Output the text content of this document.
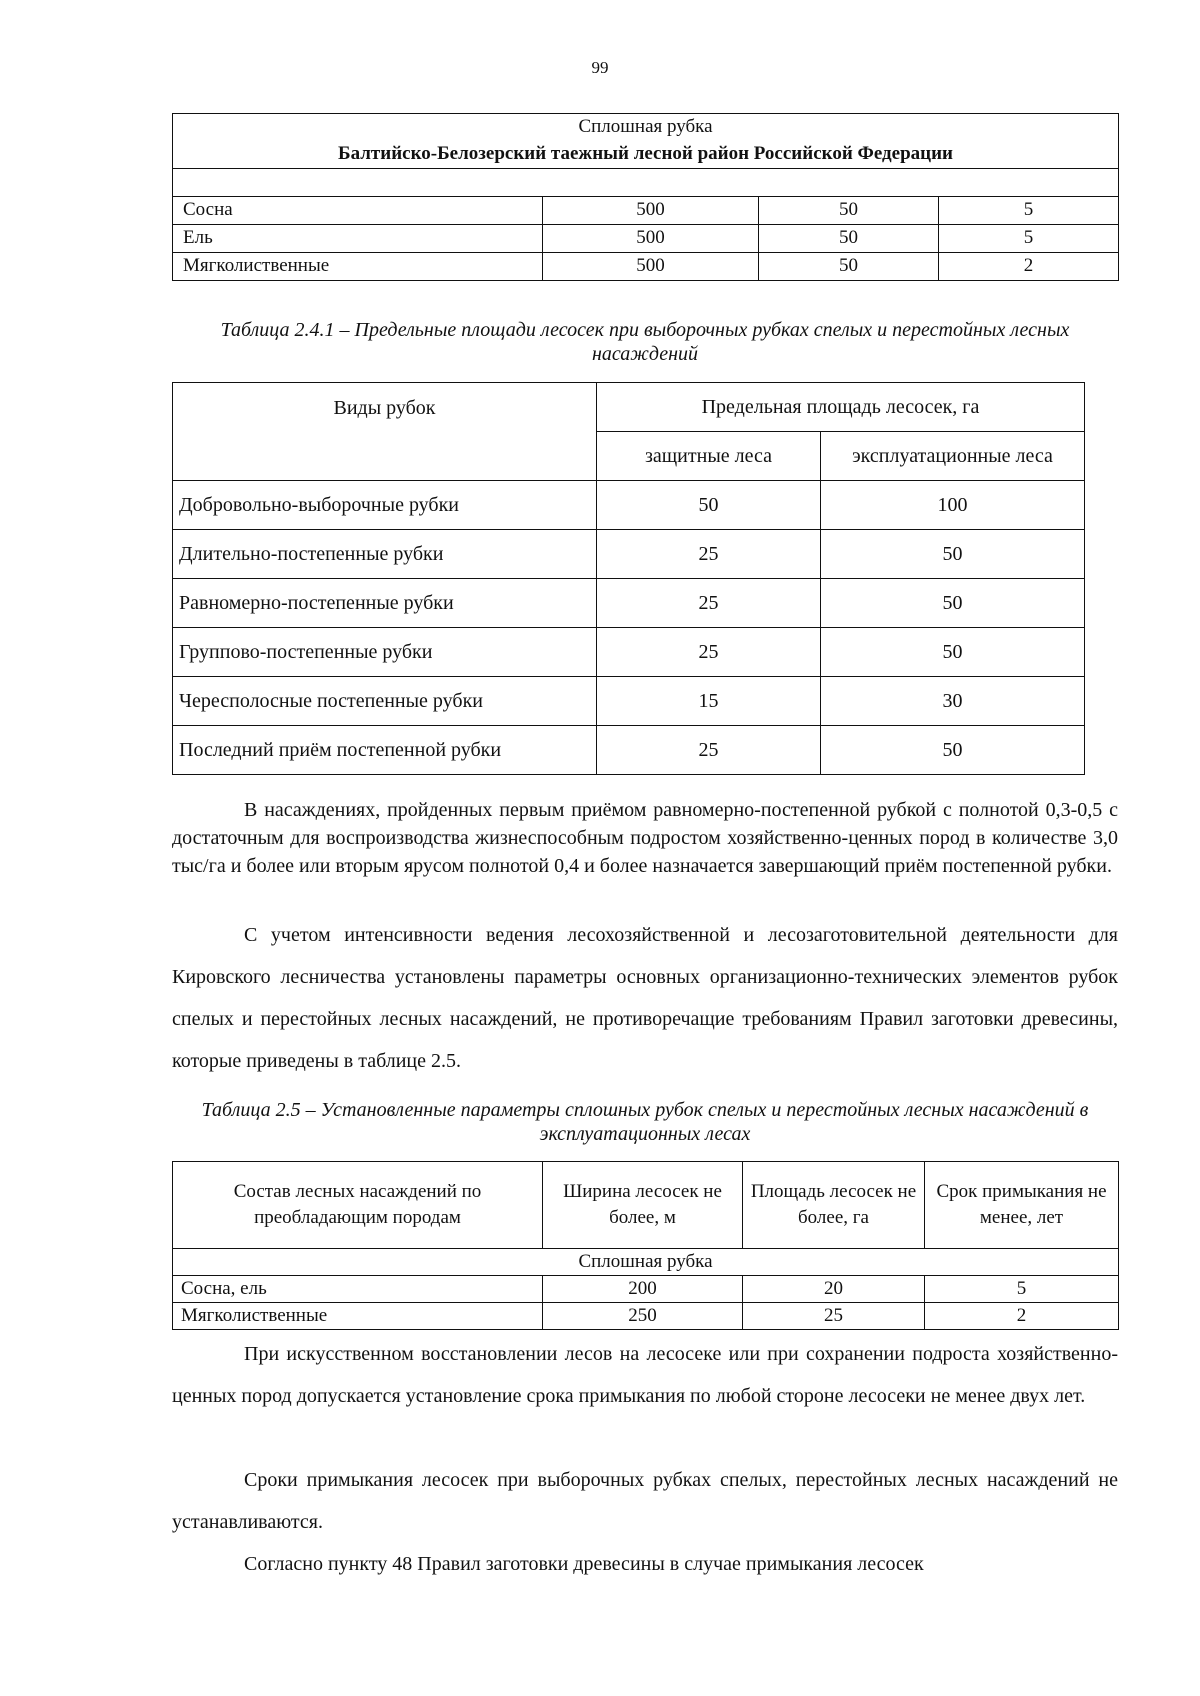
99
Сплошная рубка			
Балтийско-Белозерский таежный лесной район Российской Федерации			

Сосна	500	50	5
Ель	500	50	5
Мягколиственные	500	50	2
Таблица 2.4.1 – Предельные площади лесосек при выборочных рубках спелых и перестойных лесных насаждений
Виды рубок	Предельная площадь лесосек, га	
	защитные леса	эксплуатационные леса
Добровольно-выборочные рубки	50	100
Длительно-постепенные рубки	25	50
Равномерно-постепенные рубки	25	50
Группово-постепенные рубки	25	50
Чересполосные постепенные рубки	15	30
Последний приём постепенной рубки	25	50

В насаждениях, пройденных первым приёмом равномерно-постепенной рубкой с полнотой 0,3-0,5 с достаточным для воспроизводства жизнеспособным подростом хозяйственно-ценных пород в количестве 3,0 тыс/га и более или вторым ярусом полнотой 0,4 и более назначается завершающий приём постепенной рубки.

С учетом интенсивности ведения лесохозяйственной и лесозаготовительной деятельности для Кировского лесничества установлены параметры основных организационно-технических элементов рубок спелых и перестойных лесных насаждений, не противоречащие требованиям Правил заготовки древесины, которые приведены в таблице 2.5.

Таблица 2.5 – Установленные параметры сплошных рубок спелых и перестойных лесных насаждений в эксплуатационных лесах
Состав лесных насаждений по преобладающим породам	Ширина лесосек не более, м	Площадь лесосек не более, га	Срок примыкания не менее, лет
Сплошная рубка			
Сосна, ель	200	20	5
Мягколиственные	250	25	2

При искусственном восстановлении лесов на лесосеке или при сохранении подроста хозяйственно-ценных пород допускается установление срока примыкания по любой стороне лесосеки не менее двух лет.

Сроки примыкания лесосек при выборочных рубках спелых, перестойных лесных насаждений не устанавливаются.

Согласно пункту 48 Правил заготовки древесины в случае примыкания лесосек
